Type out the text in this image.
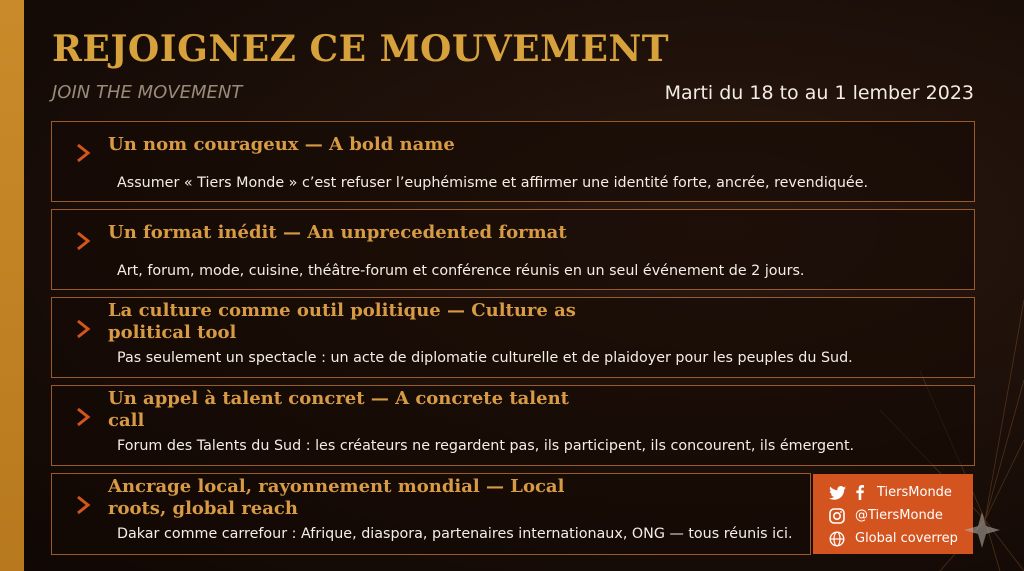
REJOIGNEZ CE MOUVEMENT
JOIN THE MOVEMENT	Marti du 18 to au 1 lember 2023
Un nom courageux — A bold name
Assumer « Tiers Monde » c’est refuser l’euphémisme et affirmer une identité forte, ancrée, revendiquée.
Un format inédit — An unprecedented format
Art, forum, mode, cuisine, théâtre-forum et conférence réunis en un seul événement de 2 jours.
La culture comme outil politique — Culture as
political tool
Pas seulement un spectacle : un acte de diplomatie culturelle et de plaidoyer pour les peuples du Sud.
Un appel à talent concret — A concrete talent
call
Forum des Talents du Sud : les créateurs ne regardent pas, ils participent, ils concourent, ils émergent.
Ancrage local, rayonnement mondial — Local
roots, global reach
Dakar comme carrefour : Afrique, diaspora, partenaires internationaux, ONG — tous réunis ici.
TiersMonde
@TiersMonde
Global coverrep
